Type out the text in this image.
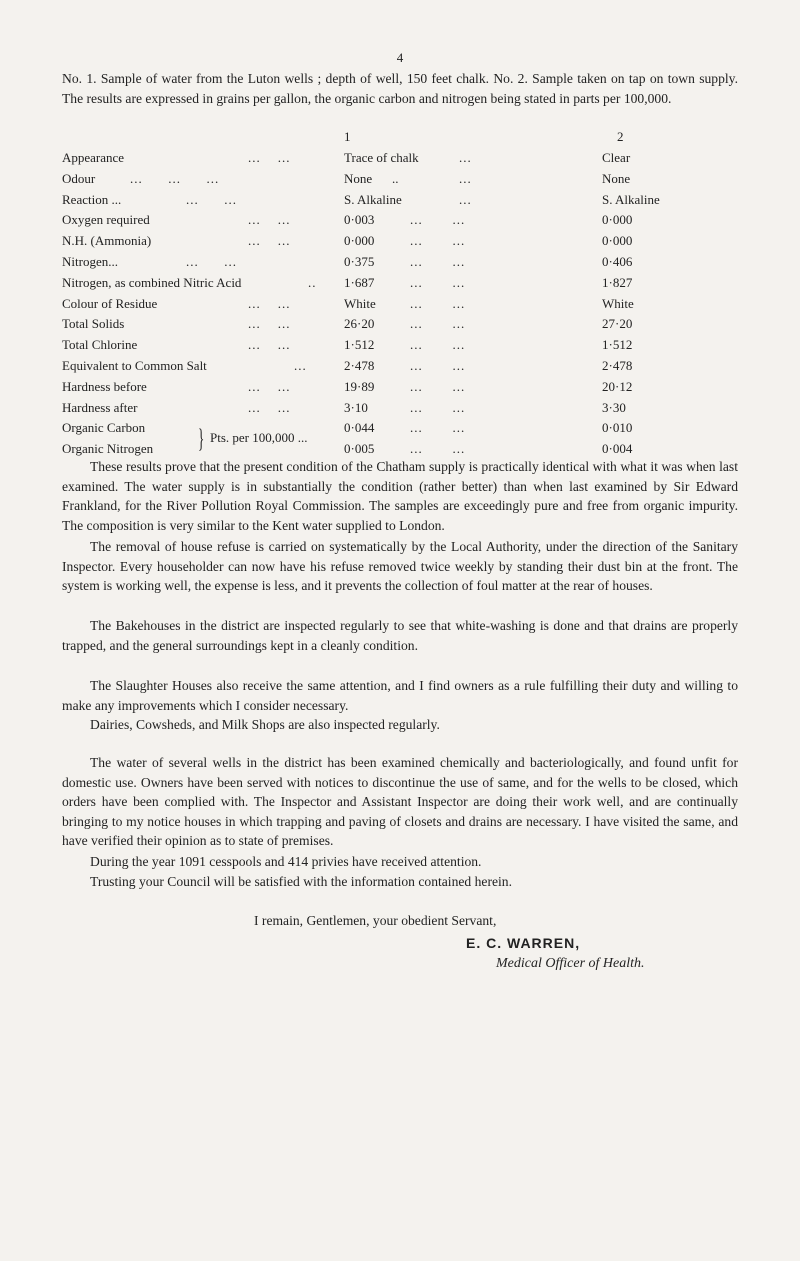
4

No. 1. Sample of water from the Luton wells ; depth of well, 150 feet chalk. No. 2. Sample taken on tap on town supply. The results are expressed in grains per gallon, the organic carbon and nitrogen being stated in parts per 100,000.

1	2
Appearance	...    ...	Trace of chalk	...	Clear
Odour	...      ...      ...	None ..	...	None
Reaction ...	...      ...	S. Alkaline	...	S. Alkaline
Oxygen required	...    ...	0·003	...       ...	0·000
N.H. (Ammonia)	...    ...	0·000	...       ...	0·000
Nitrogen...	...      ...	0·375	...       ...	0·406
Nitrogen, as combined Nitric Acid	.. 1·687	...       ...	1·827
Colour of Residue	...    ...	White	...       ...	White
Total Solids	...    ...	26·20	...       ...	27·20
Total Chlorine	...    ...	1·512	...       ...	1·512
Equivalent to Common Salt	...	2·478	...       ...	2·478
Hardness before	...    ...	19·89	...       ...	20·12
Hardness after	...    ...	3·10	...       ...	3·30
Organic Carbon	0·044	...       ...	0·010
Organic Nitrogen	0·005	...       ...	0·004
} Pts. per 100,000 ...

These results prove that the present condition of the Chatham supply is practically identical with what it was when last examined. The water supply is in substantially the condition (rather better) than when last examined by Sir Edward Frankland, for the River Pollution Royal Commission. The samples are exceedingly pure and free from organic impurity. The composition is very similar to the Kent water supplied to London.

The removal of house refuse is carried on systematically by the Local Authority, under the direction of the Sanitary Inspector. Every householder can now have his refuse removed twice weekly by standing their dust bin at the front. The system is working well, the expense is less, and it prevents the collection of foul matter at the rear of houses.

The Bakehouses in the district are inspected regularly to see that white-washing is done and that drains are properly trapped, and the general surroundings kept in a cleanly condition.

The Slaughter Houses also receive the same attention, and I find owners as a rule fulfilling their duty and willing to make any improvements which I consider necessary.

Dairies, Cowsheds, and Milk Shops are also inspected regularly.

The water of several wells in the district has been examined chemically and bacteriologically, and found unfit for domestic use. Owners have been served with notices to discontinue the use of same, and for the wells to be closed, which orders have been complied with. The Inspector and Assistant Inspector are doing their work well, and are continually bringing to my notice houses in which trapping and paving of closets and drains are necessary. I have visited the same, and have verified their opinion as to state of premises.

During the year 1091 cesspools and 414 privies have received attention.

Trusting your Council will be satisfied with the information contained herein.

I remain, Gentlemen, your obedient Servant,

E. C. WARREN,
Medical Officer of Health.
